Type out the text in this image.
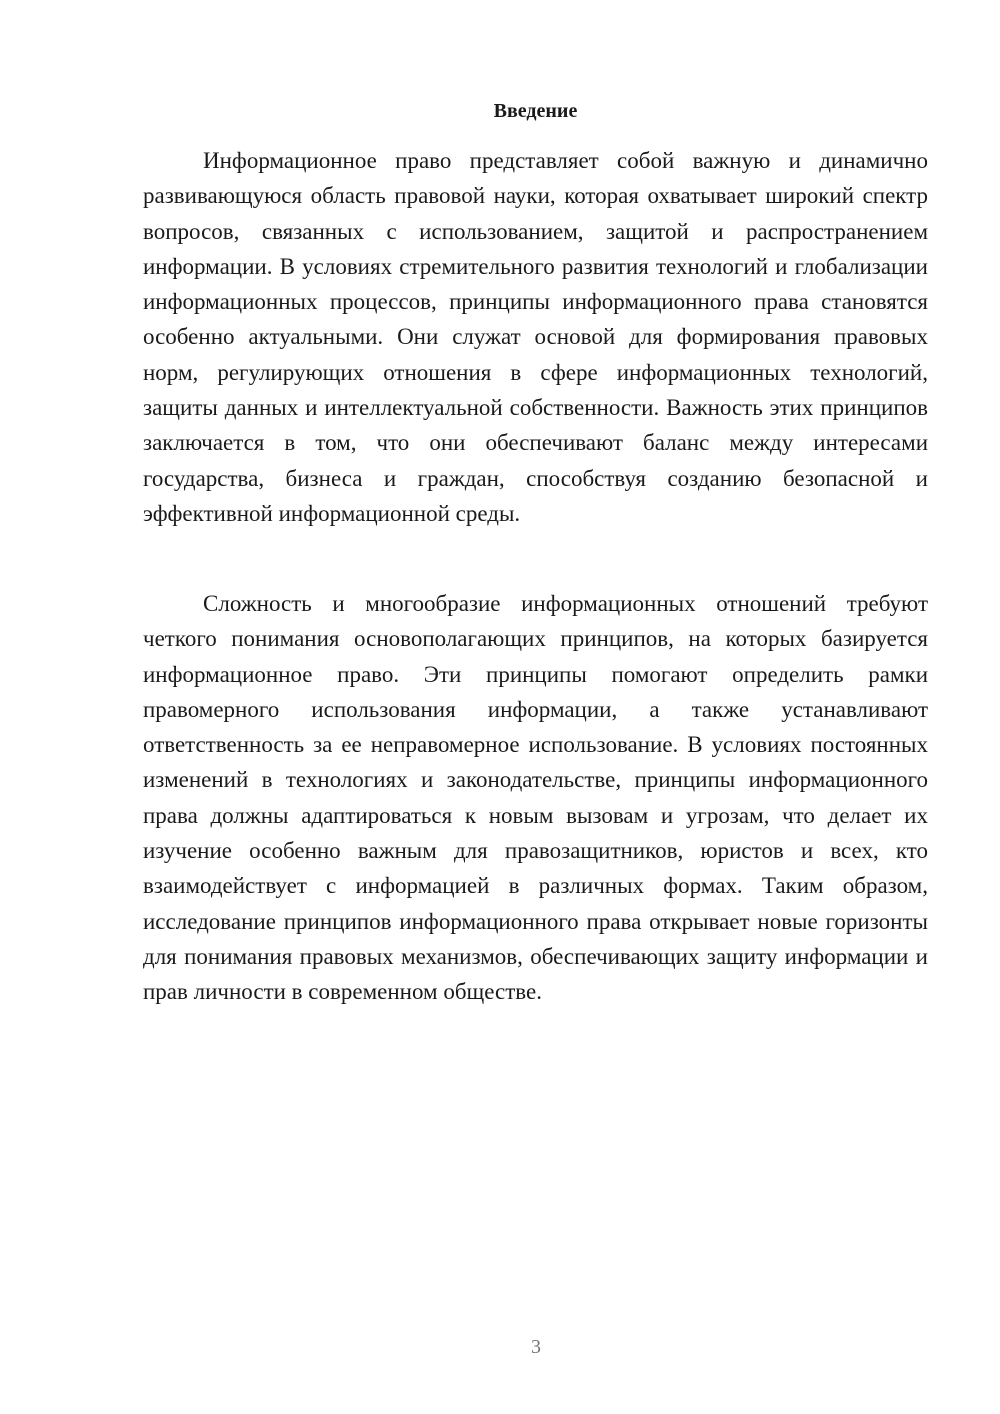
Введение

Информационное право представляет собой важную и динамично развивающуюся область правовой науки, которая охватывает широкий спектр вопросов, связанных с использованием, защитой и распространением информации. В условиях стремительного развития технологий и глобализации информационных процессов, принципы информационного права становятся особенно актуальными. Они служат основой для формирования правовых норм, регулирующих отношения в сфере информационных технологий, защиты данных и интеллектуальной собственности. Важность этих принципов заключается в том, что они обеспечивают баланс между интересами государства, бизнеса и граждан, способствуя созданию безопасной и эффективной информационной среды.

Сложность и многообразие информационных отношений требуют четкого понимания основополагающих принципов, на которых базируется информационное право. Эти принципы помогают определить рамки правомерного использования информации, а также устанавливают ответственность за ее неправомерное использование. В условиях постоянных изменений в технологиях и законодательстве, принципы информационного права должны адаптироваться к новым вызовам и угрозам, что делает их изучение особенно важным для правозащитников, юристов и всех, кто взаимодействует с информацией в различных формах. Таким образом, исследование принципов информационного права открывает новые горизонты для понимания правовых механизмов, обеспечивающих защиту информации и прав личности в современном обществе.

3
